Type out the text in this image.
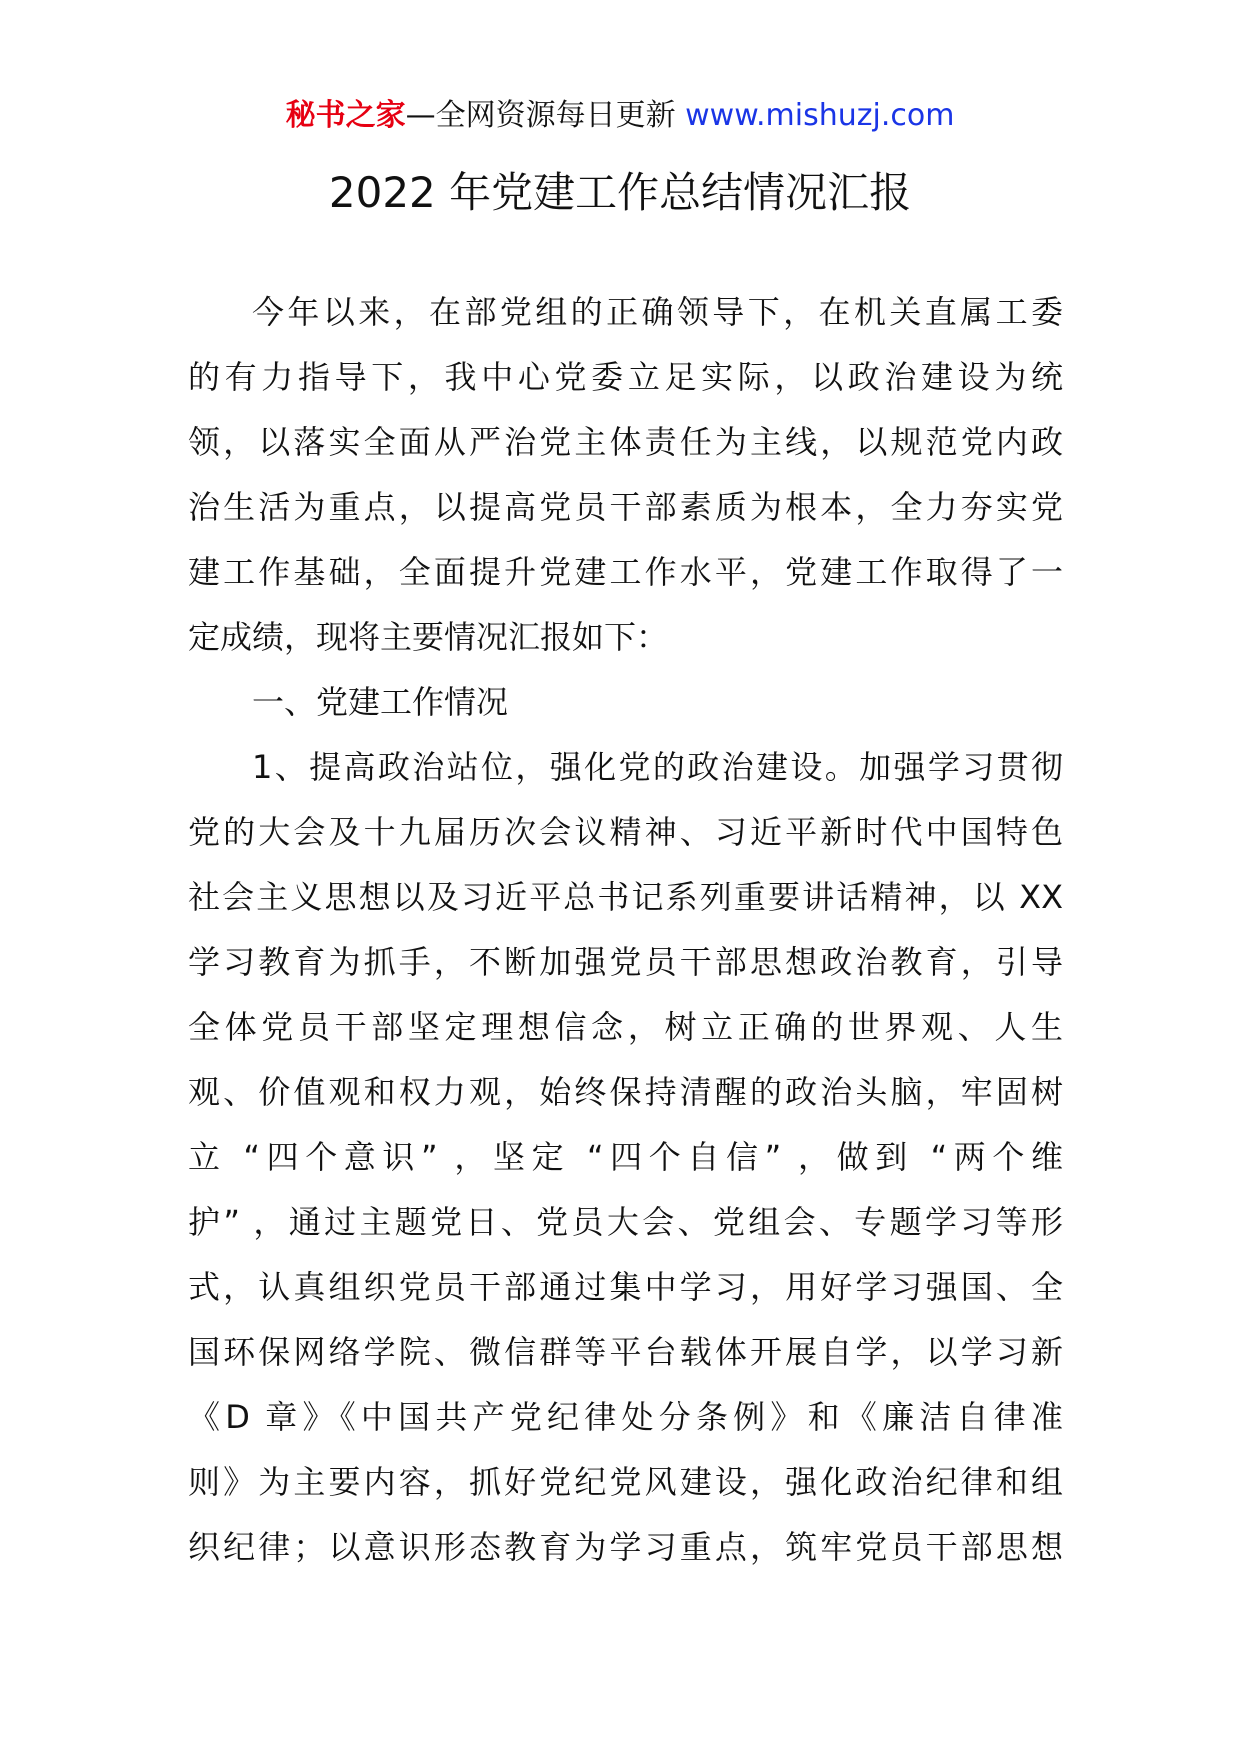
秘书之家—全网资源每日更新 www.mishuzj.com
2022 年党建工作总结情况汇报
今年以来，在部党组的正确领导下，在机关直属工委
的有力指导下，我中心党委立足实际，以政治建设为统
领，以落实全面从严治党主体责任为主线，以规范党内政
治生活为重点，以提高党员干部素质为根本，全力夯实党
建工作基础，全面提升党建工作水平，党建工作取得了一
定成绩，现将主要情况汇报如下：
一、党建工作情况
1、提高政治站位，强化党的政治建设。加强学习贯彻
党的大会及十九届历次会议精神、习近平新时代中国特色
社会主义思想以及习近平总书记系列重要讲话精神，以 XX
学习教育为抓手，不断加强党员干部思想政治教育，引导
全体党员干部坚定理想信念，树立正确的世界观、人生
观、价值观和权力观，始终保持清醒的政治头脑，牢固树
立 “四个意识” ，坚定 “四个自信” ，做到 “两个维
护” ，通过主题党日、党员大会、党组会、专题学习等形
式，认真组织党员干部通过集中学习，用好学习强国、全
国环保网络学院、微信群等平台载体开展自学，以学习新
《D 章》《中国共产党纪律处分条例》和《廉洁自律准
则》为主要内容，抓好党纪党风建设，强化政治纪律和组
织纪律；以意识形态教育为学习重点，筑牢党员干部思想
